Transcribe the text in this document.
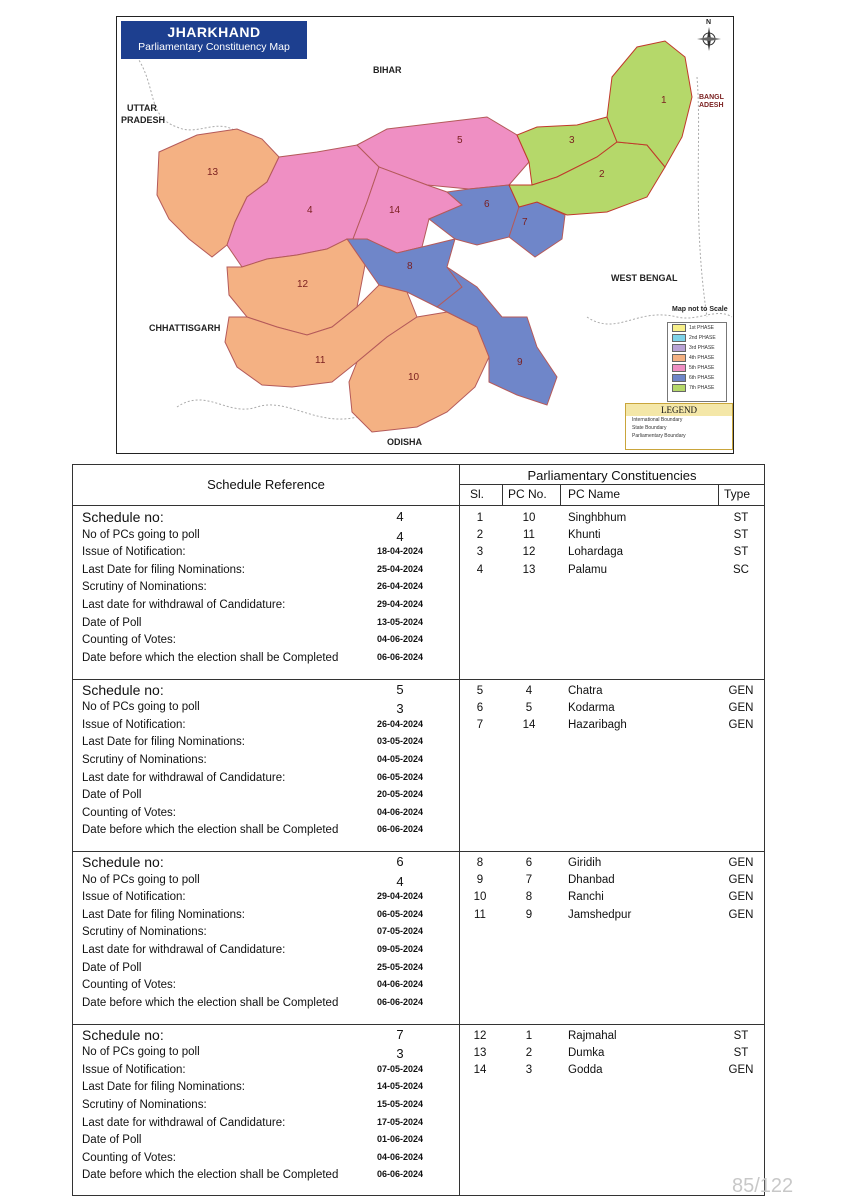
JHARKHAND
Parliamentary Constituency Map
N
BIHAR
UTTAR
PRADESH
BANGL
ADESH
WEST BENGAL
CHHATTISGARH
ODISHA
1
2
3
4
5
6
7
8
9
10
11
12
13
14
Map not to Scale
1st PHASE
2nd PHASE
3rd PHASE
4th PHASE
5th PHASE
6th PHASE
7th PHASE
LEGEND
International Boundary
State Boundary
Parliamentary Boundary
Schedule Reference
Parliamentary Constituencies
Sl. PC No. PC Name	Type
Schedule no:	4
No of PCs going to poll	4
Issue of Notification:	18-04-2024
Last Date for filing Nominations:	25-04-2024
Scrutiny of Nominations:	26-04-2024
Last date for withdrawal of Candidature:	29-04-2024
Date of Poll	13-05-2024
Counting of Votes:	04-06-2024
Date before which the election shall be Completed	06-06-2024
1	10	Singhbhum	ST
2	11	Khunti	ST
3	12	Lohardaga	ST
4	13	Palamu	SC
Schedule no:	5
No of PCs going to poll	3
Issue of Notification:	26-04-2024
Last Date for filing Nominations:	03-05-2024
Scrutiny of Nominations:	04-05-2024
Last date for withdrawal of Candidature:	06-05-2024
Date of Poll	20-05-2024
Counting of Votes:	04-06-2024
Date before which the election shall be Completed	06-06-2024
5	4	Chatra	GEN
6	5	Kodarma	GEN
7	14	Hazaribagh	GEN
Schedule no:	6
No of PCs going to poll	4
Issue of Notification:	29-04-2024
Last Date for filing Nominations:	06-05-2024
Scrutiny of Nominations:	07-05-2024
Last date for withdrawal of Candidature:	09-05-2024
Date of Poll	25-05-2024
Counting of Votes:	04-06-2024
Date before which the election shall be Completed	06-06-2024
8	6	Giridih	GEN
9	7	Dhanbad	GEN
10	8	Ranchi	GEN
11	9	Jamshedpur	GEN
Schedule no:	7
No of PCs going to poll	3
Issue of Notification:	07-05-2024
Last Date for filing Nominations:	14-05-2024
Scrutiny of Nominations:	15-05-2024
Last date for withdrawal of Candidature:	17-05-2024
Date of Poll	01-06-2024
Counting of Votes:	04-06-2024
Date before which the election shall be Completed	06-06-2024
12	1	Rajmahal	ST
13	2	Dumka	ST
14	3	Godda	GEN
85/122
